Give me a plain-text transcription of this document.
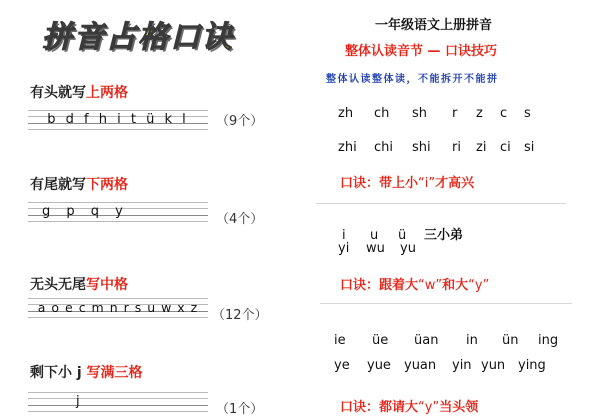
拼音占格口诀
有头就写上两格
b d f h i t ü k l	（9个）
有尾就写下两格
g p q y
（4个）
无头无尾写中格
a o e c m n r s u w x z
（12个）
剩下小 j 写满三格
j
（1个）
一年级语文上册拼音
整体认读音节 — 口诀技巧
整体认读整体读，不能拆开不能拼
zh ch sh r z c s
zhi chi shi ri zi ci si
口诀：带上小“i”才高兴
i u ü 三小弟
yi wu yu
口诀：跟着大“w”和大“y”
ie üe üan in ün ing
ye yue yuan yin yun ying
口诀：都请大“y”当头领
